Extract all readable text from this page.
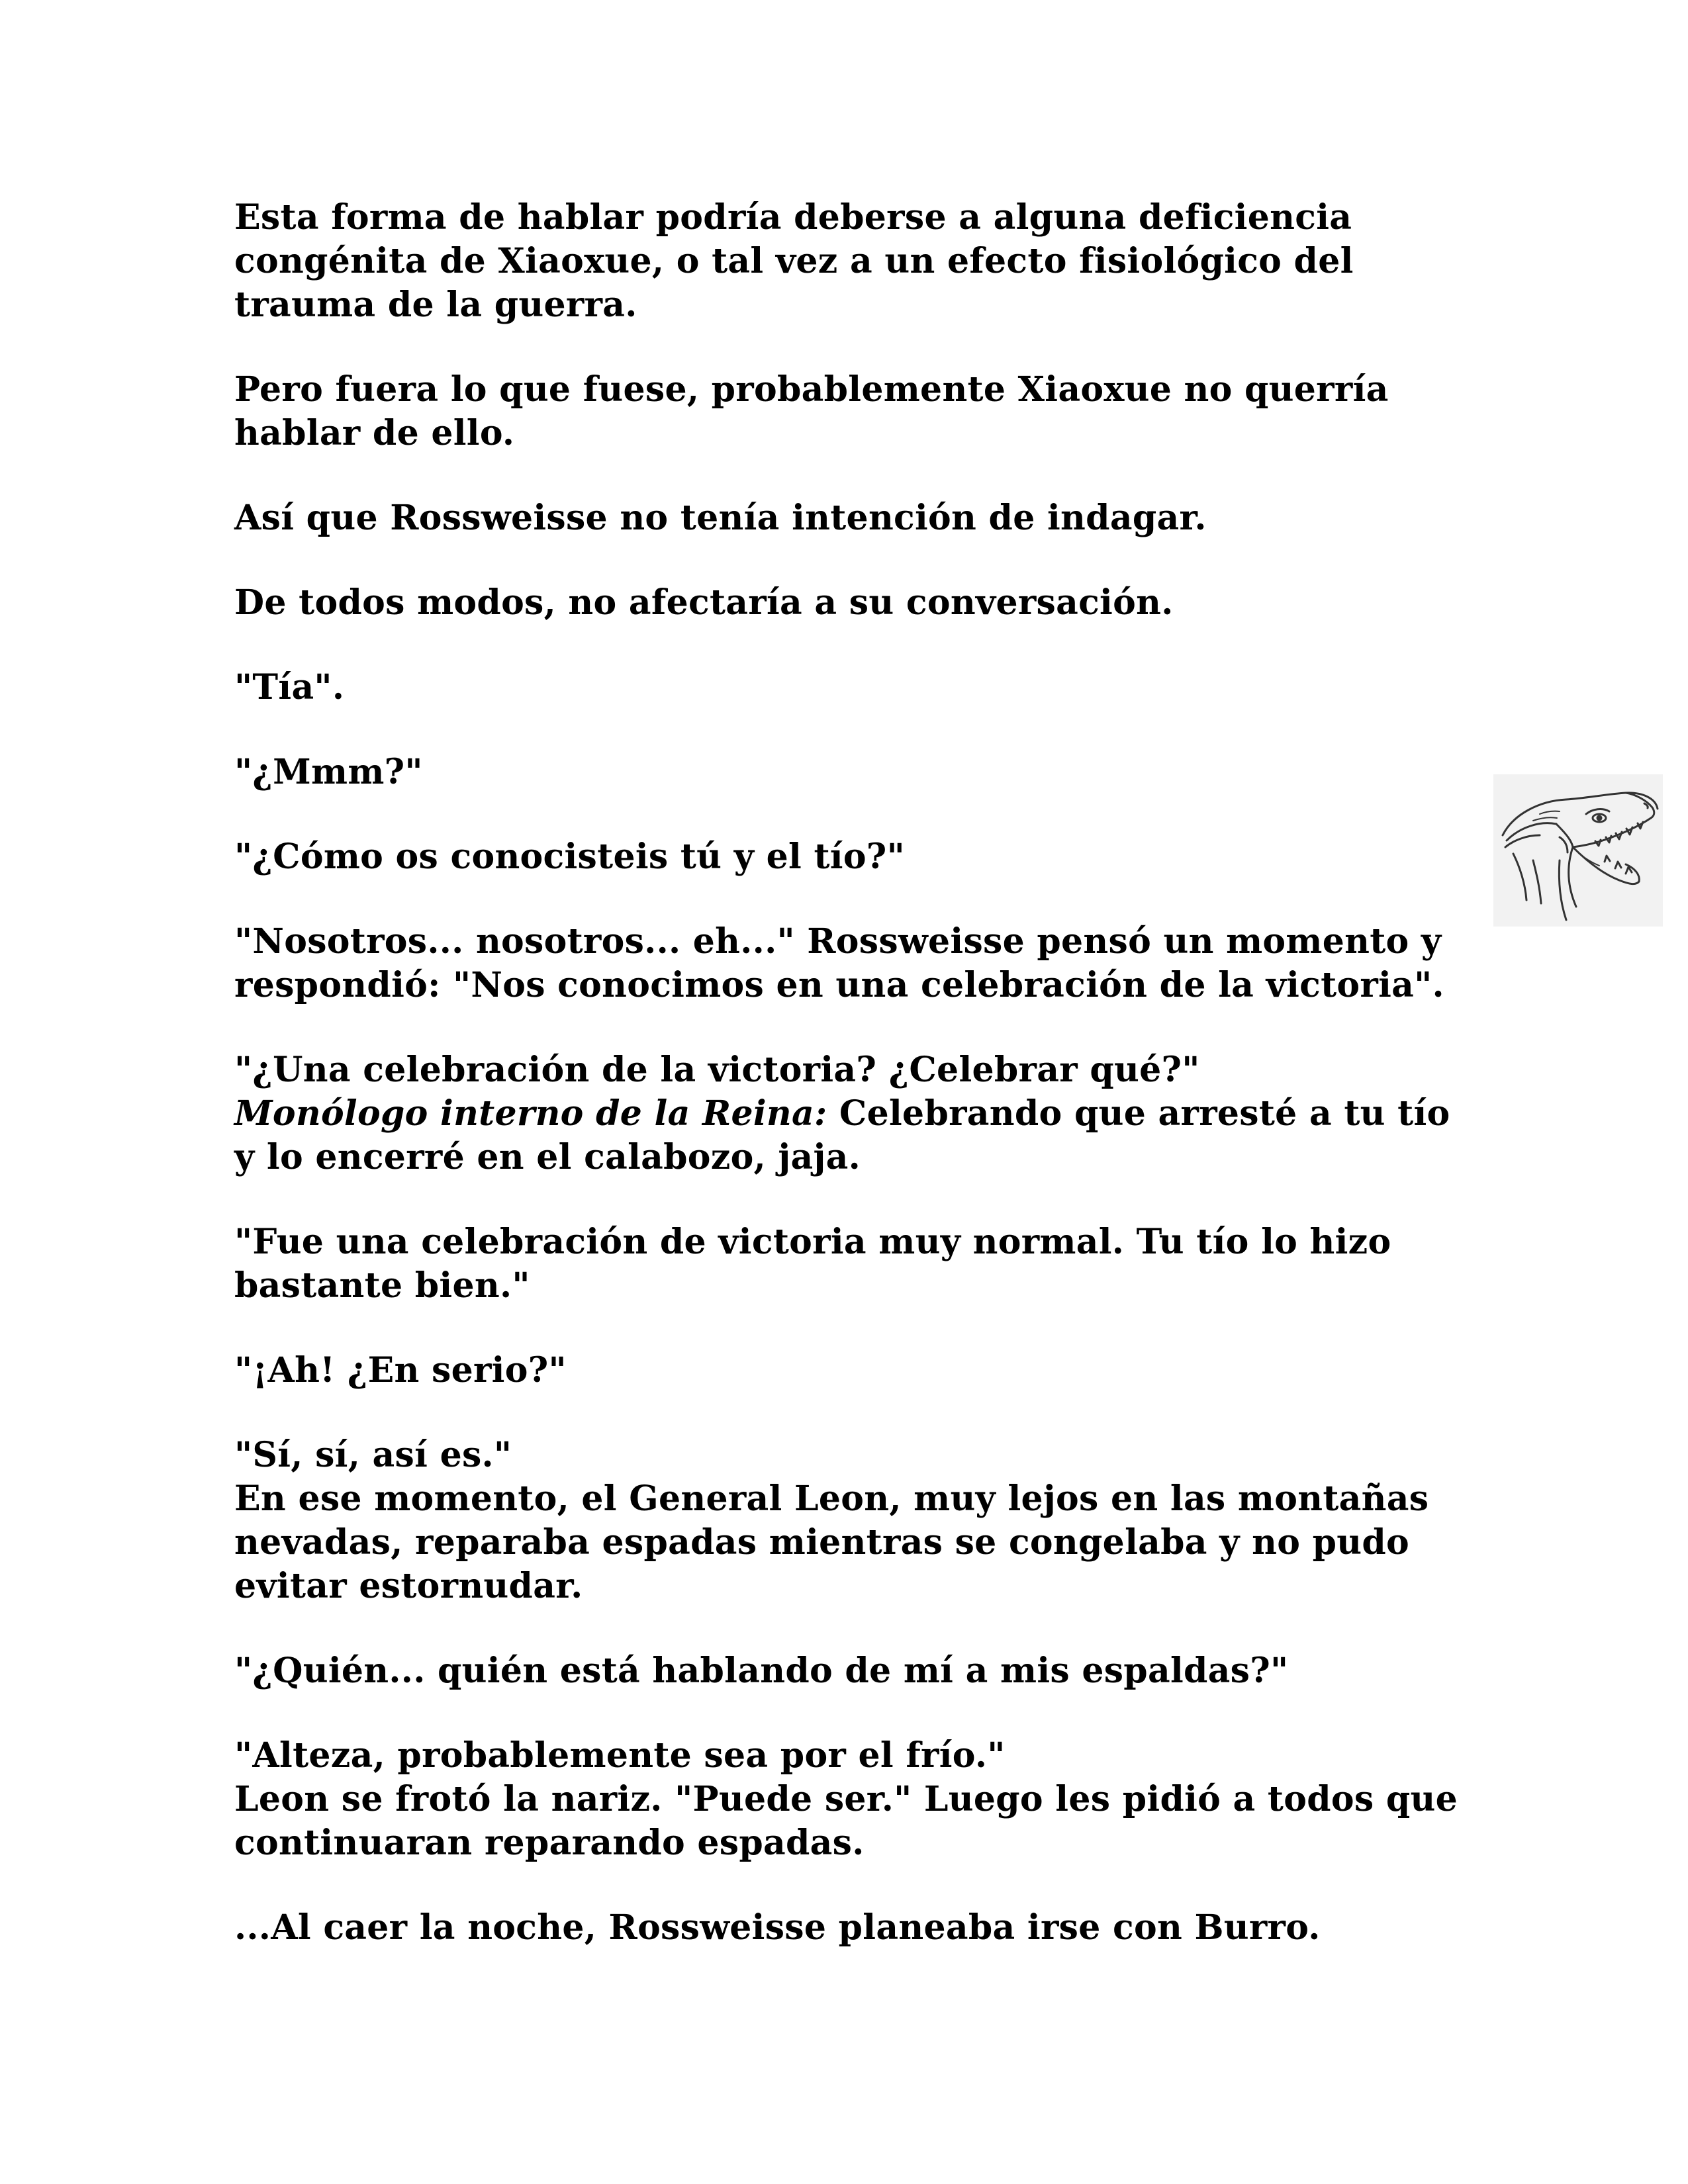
Esta forma de hablar podría deberse a alguna deficiencia
congénita de Xiaoxue, o tal vez a un efecto fisiológico del
trauma de la guerra.

Pero fuera lo que fuese, probablemente Xiaoxue no querría
hablar de ello.

Así que Rossweisse no tenía intención de indagar.

De todos modos, no afectaría a su conversación.

"Tía".

"¿Mmm?"

"¿Cómo os conocisteis tú y el tío?"

"Nosotros... nosotros... eh..." Rossweisse pensó un momento y
respondió: "Nos conocimos en una celebración de la victoria".

"¿Una celebración de la victoria? ¿Celebrar qué?"
Monólogo interno de la Reina: Celebrando que arresté a tu tío
y lo encerré en el calabozo, jaja.

"Fue una celebración de victoria muy normal. Tu tío lo hizo
bastante bien."

"¡Ah! ¿En serio?"

"Sí, sí, así es."
En ese momento, el General Leon, muy lejos en las montañas
nevadas, reparaba espadas mientras se congelaba y no pudo
evitar estornudar.

"¿Quién... quién está hablando de mí a mis espaldas?"

"Alteza, probablemente sea por el frío."
Leon se frotó la nariz. "Puede ser." Luego les pidió a todos que
continuaran reparando espadas.

...Al caer la noche, Rossweisse planeaba irse con Burro.
